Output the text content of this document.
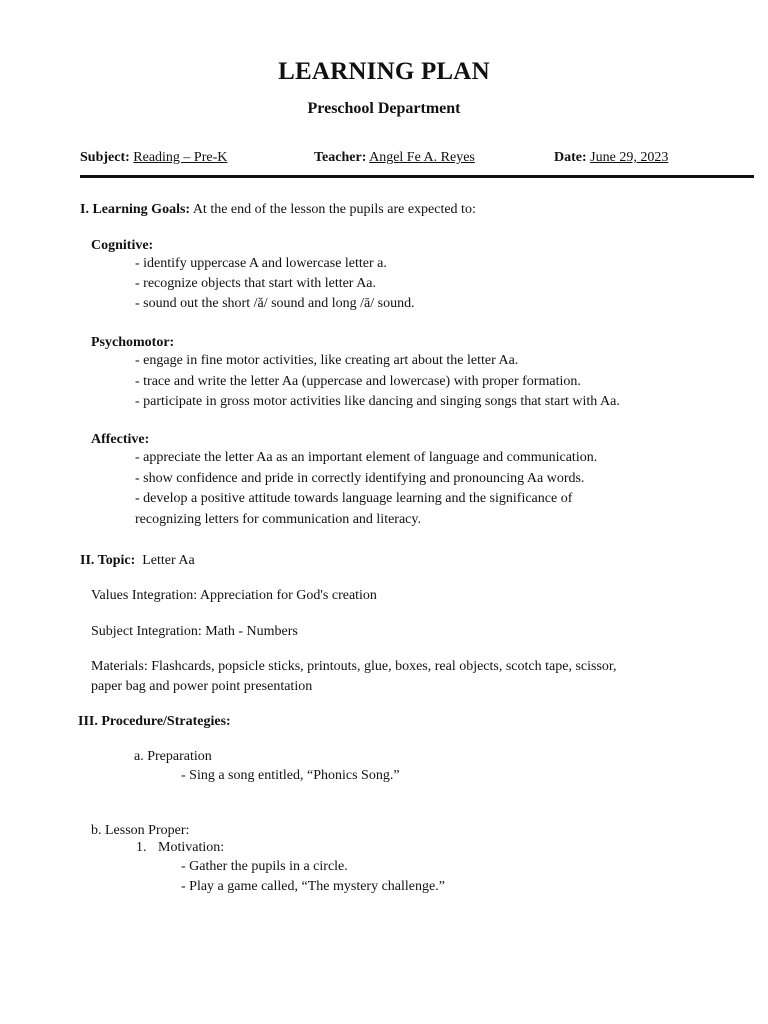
LEARNING PLAN
Preschool Department
Subject: Reading – Pre-K	Teacher: Angel Fe A. Reyes	Date: June 29, 2023
I. Learning Goals: At the end of the lesson the pupils are expected to:
Cognitive:
- identify uppercase A and lowercase letter a.
- recognize objects that start with letter Aa.
- sound out the short /ă/ sound and long /ā/ sound.
Psychomotor:
- engage in fine motor activities, like creating art about the letter Aa.
- trace and write the letter Aa (uppercase and lowercase) with proper formation.
- participate in gross motor activities like dancing and singing songs that start with Aa.
Affective:
- appreciate the letter Aa as an important element of language and communication.
- show confidence and pride in correctly identifying and pronouncing Aa words.
- develop a positive attitude towards language learning and the significance of
recognizing letters for communication and literacy.
II. Topic: Letter Aa
Values Integration: Appreciation for God's creation
Subject Integration: Math - Numbers
Materials: Flashcards, popsicle sticks, printouts, glue, boxes, real objects, scotch tape, scissor,
paper bag and power point presentation
III. Procedure/Strategies:
a. Preparation
- Sing a song entitled, “Phonics Song.”
b. Lesson Proper:
1. Motivation:
- Gather the pupils in a circle.
- Play a game called, “The mystery challenge.”
